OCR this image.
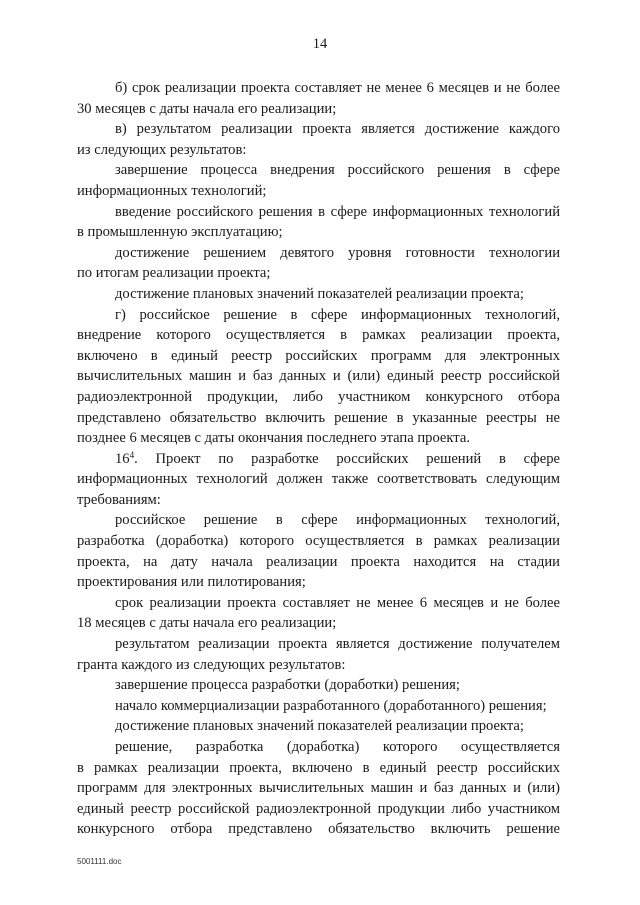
14
б) срок реализации проекта составляет не менее 6 месяцев и не более
30 месяцев с даты начала его реализации;
в) результатом реализации проекта является достижение каждого
из следующих результатов:
завершение процесса внедрения российского решения в сфере
информационных технологий;
введение российского решения в сфере информационных технологий
в промышленную эксплуатацию;
достижение решением девятого уровня готовности технологии
по итогам реализации проекта;
достижение плановых значений показателей реализации проекта;
г) российское решение в сфере информационных технологий,
внедрение которого осуществляется в рамках реализации проекта,
включено в единый реестр российских программ для электронных
вычислительных машин и баз данных и (или) единый реестр российской
радиоэлектронной продукции, либо участником конкурсного отбора
представлено обязательство включить решение в указанные реестры не
позднее 6 месяцев с даты окончания последнего этапа проекта.
$16^4$. Проект по разработке российских решений в сфере
информационных технологий должен также соответствовать следующим
требованиям:
российское решение в сфере информационных технологий,
разработка (доработка) которого осуществляется в рамках реализации
проекта, на дату начала реализации проекта находится на стадии
проектирования или пилотирования;
срок реализации проекта составляет не менее 6 месяцев и не более
18 месяцев с даты начала его реализации;
результатом реализации проекта является достижение получателем
гранта каждого из следующих результатов:
завершение процесса разработки (доработки) решения;
начало коммерциализации разработанного (доработанного) решения;
достижение плановых значений показателей реализации проекта;
решение, разработка (доработка) которого осуществляется
в рамках реализации проекта, включено в единый реестр российских
программ для электронных вычислительных машин и баз данных и (или)
единый реестр российской радиоэлектронной продукции либо участником
конкурсного отбора представлено обязательство включить решение
5001111.doc
